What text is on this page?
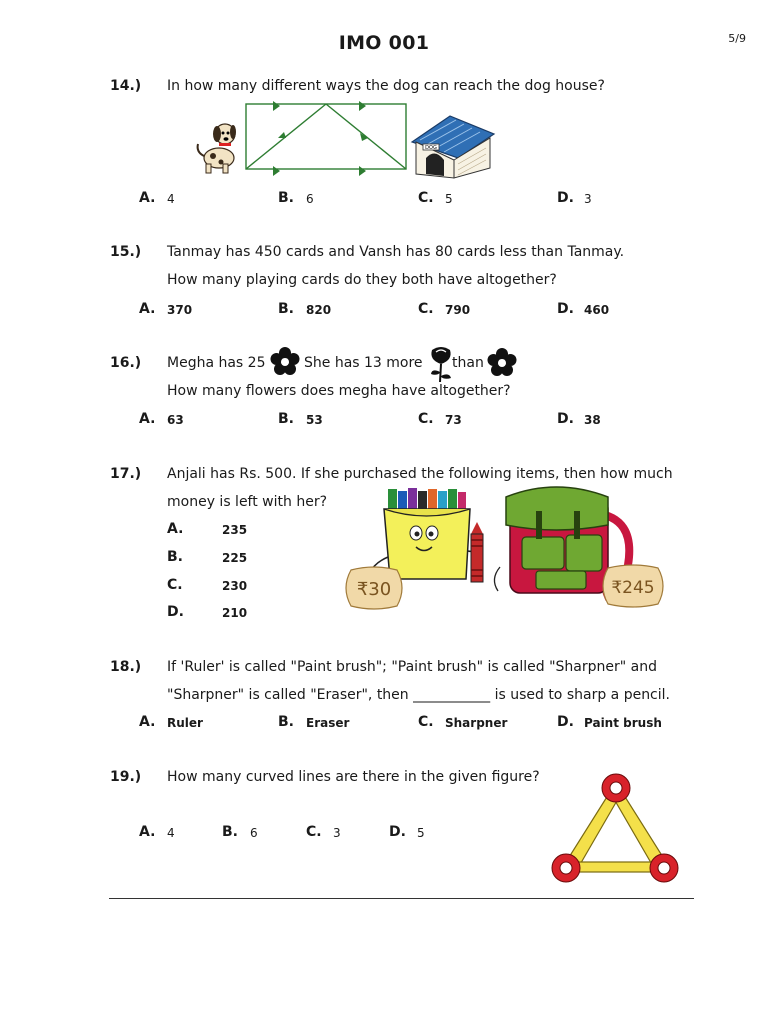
IMO 001	5/9
14.) In how many different ways the dog can reach the dog house?
DOG
A. 4	B. 6	C. 5	D. 3
15.) Tanmay has 450 cards and Vansh has 80 cards less than Tanmay.
How many playing cards do they both have altogether?
A. 370	B. 820	C. 790	D. 460
16.) Megha has 25	She has 13 more than
How many flowers does megha have altogether?
A. 63	B. 53	C. 73	D. 38
17.) Anjali has Rs. 500. If she purchased the following items, then how much
money is left with her?
A.	235
B.	225
C.	230
D.	210
₹30	₹245
18.) If 'Ruler' is called "Paint brush"; "Paint brush" is called "Sharpner" and
"Sharpner" is called "Eraser", then ___________ is used to sharp a pencil.
A. Ruler	B. Eraser	C. Sharpner	D. Paint brush
19.) How many curved lines are there in the given figure?
A. 4	B. 6	C. 3	D. 5
